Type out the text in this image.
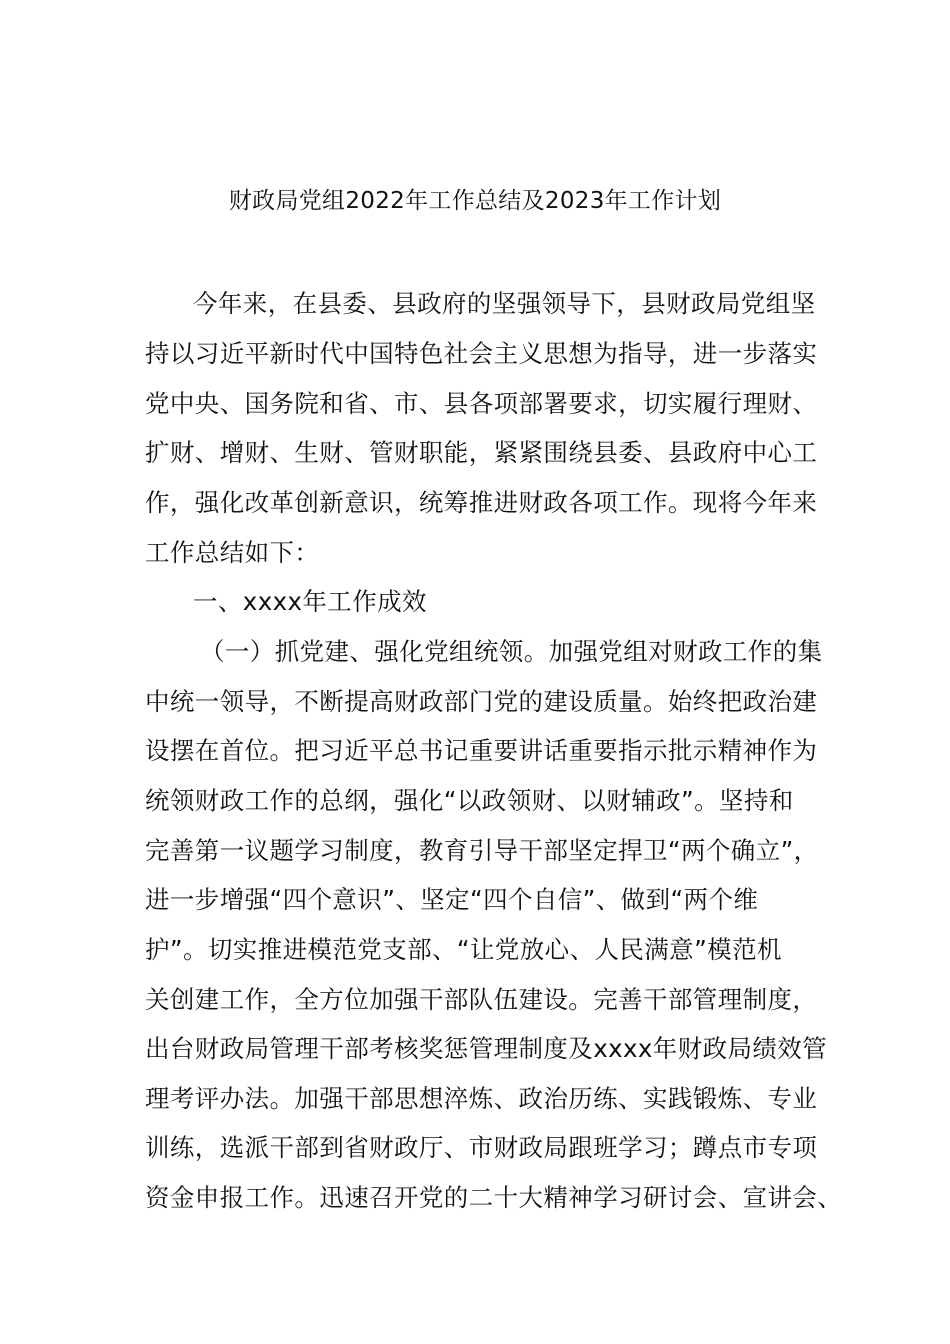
财政局党组2022年工作总结及2023年工作计划
今年来，在县委、县政府的坚强领导下，县财政局党组坚
持以习近平新时代中国特色社会主义思想为指导，进一步落实
党中央、国务院和省、市、县各项部署要求，切实履行理财、
扩财、增财、生财、管财职能，紧紧围绕县委、县政府中心工
作，强化改革创新意识，统筹推进财政各项工作。现将今年来
工作总结如下：
一、xxxx年工作成效
（一）抓党建、强化党组统领。加强党组对财政工作的集
中统一领导，不断提高财政部门党的建设质量。始终把政治建
设摆在首位。把习近平总书记重要讲话重要指示批示精神作为
统领财政工作的总纲，强化“以政领财、以财辅政”。坚持和
完善第一议题学习制度，教育引导干部坚定捍卫“两个确立”，
进一步增强“四个意识”、坚定“四个自信”、做到“两个维
护”。切实推进模范党支部、“让党放心、人民满意”模范机
关创建工作，全方位加强干部队伍建设。完善干部管理制度，
出台财政局管理干部考核奖惩管理制度及xxxx年财政局绩效管
理考评办法。加强干部思想淬炼、政治历练、实践锻炼、专业
训练，选派干部到省财政厅、市财政局跟班学习；蹲点市专项
资金申报工作。迅速召开党的二十大精神学习研讨会、宣讲会、
